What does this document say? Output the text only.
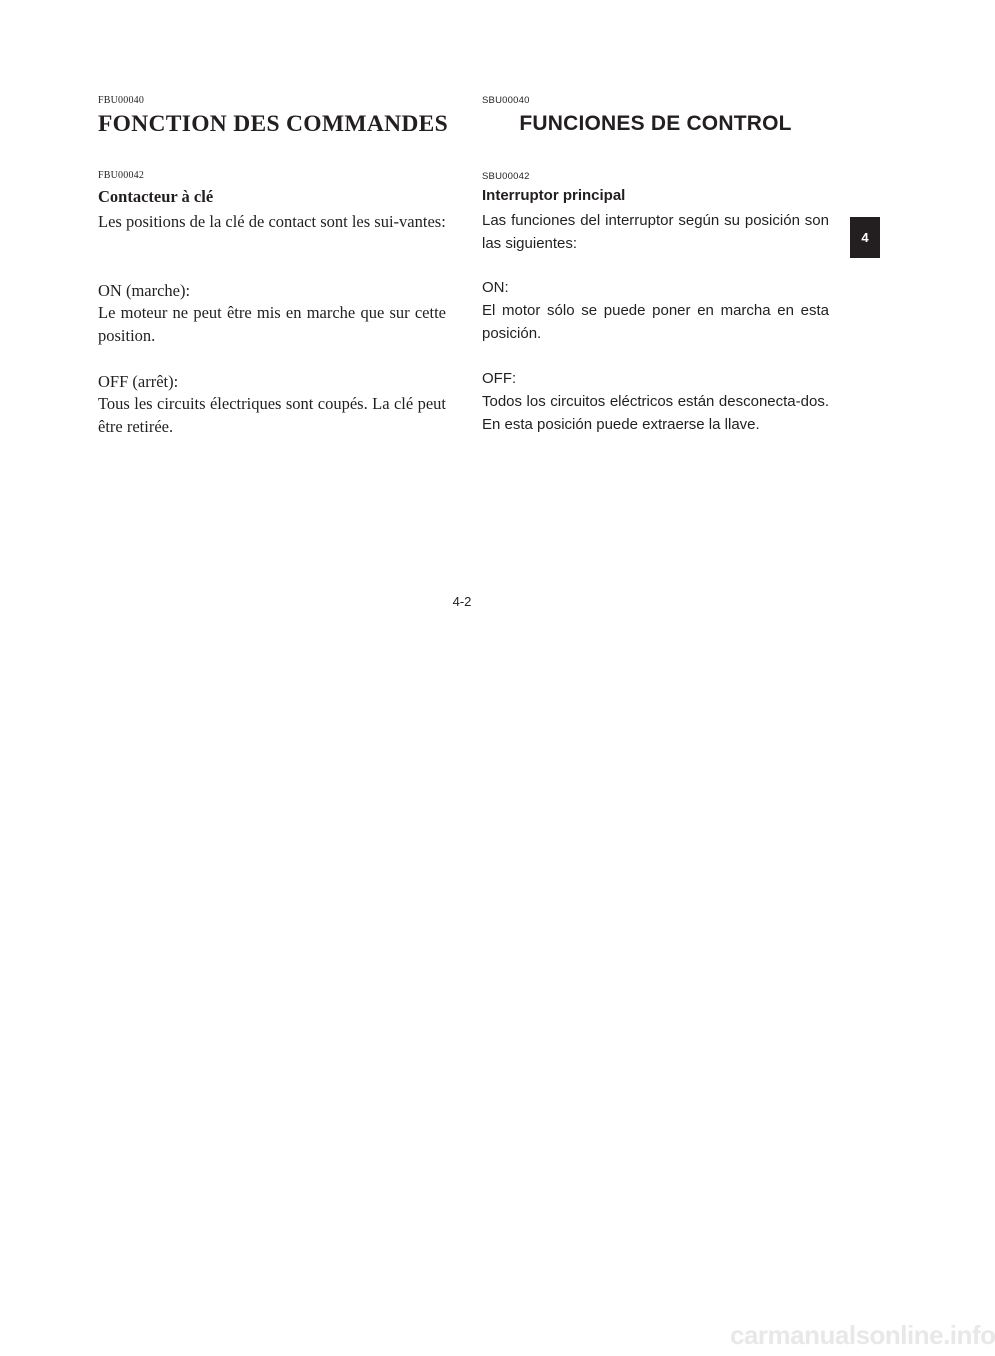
FBU00040
FONCTION DES COMMANDES
FBU00042
Contacteur à clé

Les positions de la clé de contact sont les sui-vantes:

ON (marche):

Le moteur ne peut être mis en marche que sur cette position.

OFF (arrêt):

Tous les circuits électriques sont coupés. La clé peut être retirée.

SBU00040
FUNCIONES DE CONTROL
SBU00042
Interruptor principal

Las funciones del interruptor según su posición son las siguientes:

ON:

El motor sólo se puede poner en marcha en esta posición.

OFF:

Todos los circuitos eléctricos están desconecta-dos. En esta posición puede extraerse la llave.

4
4-2
carmanualsonline.info
